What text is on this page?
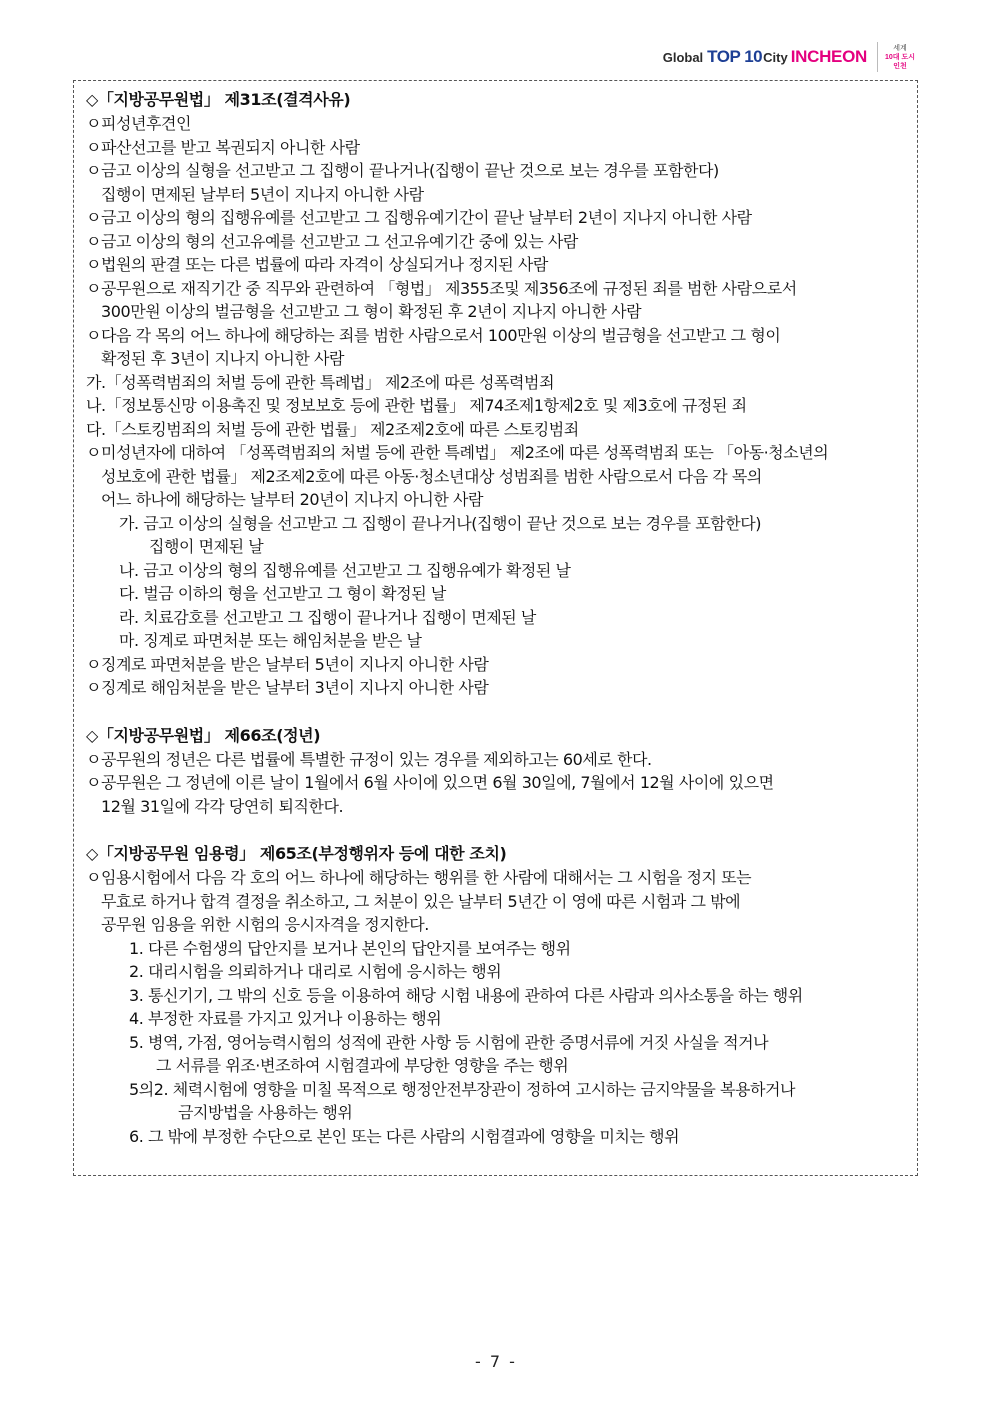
Global TOP 10 City INCHEON	세계
10대 도시
인천
◇「지방공무원법」 제31조(결격사유)
ㅇ피성년후견인
ㅇ파산선고를 받고 복권되지 아니한 사람
ㅇ금고 이상의 실형을 선고받고 그 집행이 끝나거나(집행이 끝난 것으로 보는 경우를 포함한다)
집행이 면제된 날부터 5년이 지나지 아니한 사람
ㅇ금고 이상의 형의 집행유예를 선고받고 그 집행유예기간이 끝난 날부터 2년이 지나지 아니한 사람
ㅇ금고 이상의 형의 선고유예를 선고받고 그 선고유예기간 중에 있는 사람
ㅇ법원의 판결 또는 다른 법률에 따라 자격이 상실되거나 정지된 사람
ㅇ공무원으로 재직기간 중 직무와 관련하여 「형법」 제355조및 제356조에 규정된 죄를 범한 사람으로서
300만원 이상의 벌금형을 선고받고 그 형이 확정된 후 2년이 지나지 아니한 사람
ㅇ다음 각 목의 어느 하나에 해당하는 죄를 범한 사람으로서 100만원 이상의 벌금형을 선고받고 그 형이
확정된 후 3년이 지나지 아니한 사람
가.「성폭력범죄의 처벌 등에 관한 특례법」 제2조에 따른 성폭력범죄
나.「정보통신망 이용촉진 및 정보보호 등에 관한 법률」 제74조제1항제2호 및 제3호에 규정된 죄
다.「스토킹범죄의 처벌 등에 관한 법률」 제2조제2호에 따른 스토킹범죄
ㅇ미성년자에 대하여 「성폭력범죄의 처벌 등에 관한 특례법」 제2조에 따른 성폭력범죄 또는 「아동·청소년의
성보호에 관한 법률」 제2조제2호에 따른 아동·청소년대상 성범죄를 범한 사람으로서 다음 각 목의
어느 하나에 해당하는 날부터 20년이 지나지 아니한 사람
가. 금고 이상의 실형을 선고받고 그 집행이 끝나거나(집행이 끝난 것으로 보는 경우를 포함한다)
집행이 면제된 날
나. 금고 이상의 형의 집행유예를 선고받고 그 집행유예가 확정된 날
다. 벌금 이하의 형을 선고받고 그 형이 확정된 날
라. 치료감호를 선고받고 그 집행이 끝나거나 집행이 면제된 날
마. 징계로 파면처분 또는 해임처분을 받은 날
ㅇ징계로 파면처분을 받은 날부터 5년이 지나지 아니한 사람
ㅇ징계로 해임처분을 받은 날부터 3년이 지나지 아니한 사람
◇「지방공무원법」 제66조(정년)
ㅇ공무원의 정년은 다른 법률에 특별한 규정이 있는 경우를 제외하고는 60세로 한다.
ㅇ공무원은 그 정년에 이른 날이 1월에서 6월 사이에 있으면 6월 30일에, 7월에서 12월 사이에 있으면
12월 31일에 각각 당연히 퇴직한다.
◇「지방공무원 임용령」 제65조(부정행위자 등에 대한 조치)
ㅇ임용시험에서 다음 각 호의 어느 하나에 해당하는 행위를 한 사람에 대해서는 그 시험을 정지 또는
무효로 하거나 합격 결정을 취소하고, 그 처분이 있은 날부터 5년간 이 영에 따른 시험과 그 밖에
공무원 임용을 위한 시험의 응시자격을 정지한다.
1. 다른 수험생의 답안지를 보거나 본인의 답안지를 보여주는 행위
2. 대리시험을 의뢰하거나 대리로 시험에 응시하는 행위
3. 통신기기, 그 밖의 신호 등을 이용하여 해당 시험 내용에 관하여 다른 사람과 의사소통을 하는 행위
4. 부정한 자료를 가지고 있거나 이용하는 행위
5. 병역, 가점, 영어능력시험의 성적에 관한 사항 등 시험에 관한 증명서류에 거짓 사실을 적거나
그 서류를 위조·변조하여 시험결과에 부당한 영향을 주는 행위
5의2. 체력시험에 영향을 미칠 목적으로 행정안전부장관이 정하여 고시하는 금지약물을 복용하거나
금지방법을 사용하는 행위
6. 그 밖에 부정한 수단으로 본인 또는 다른 사람의 시험결과에 영향을 미치는 행위
- 7 -
